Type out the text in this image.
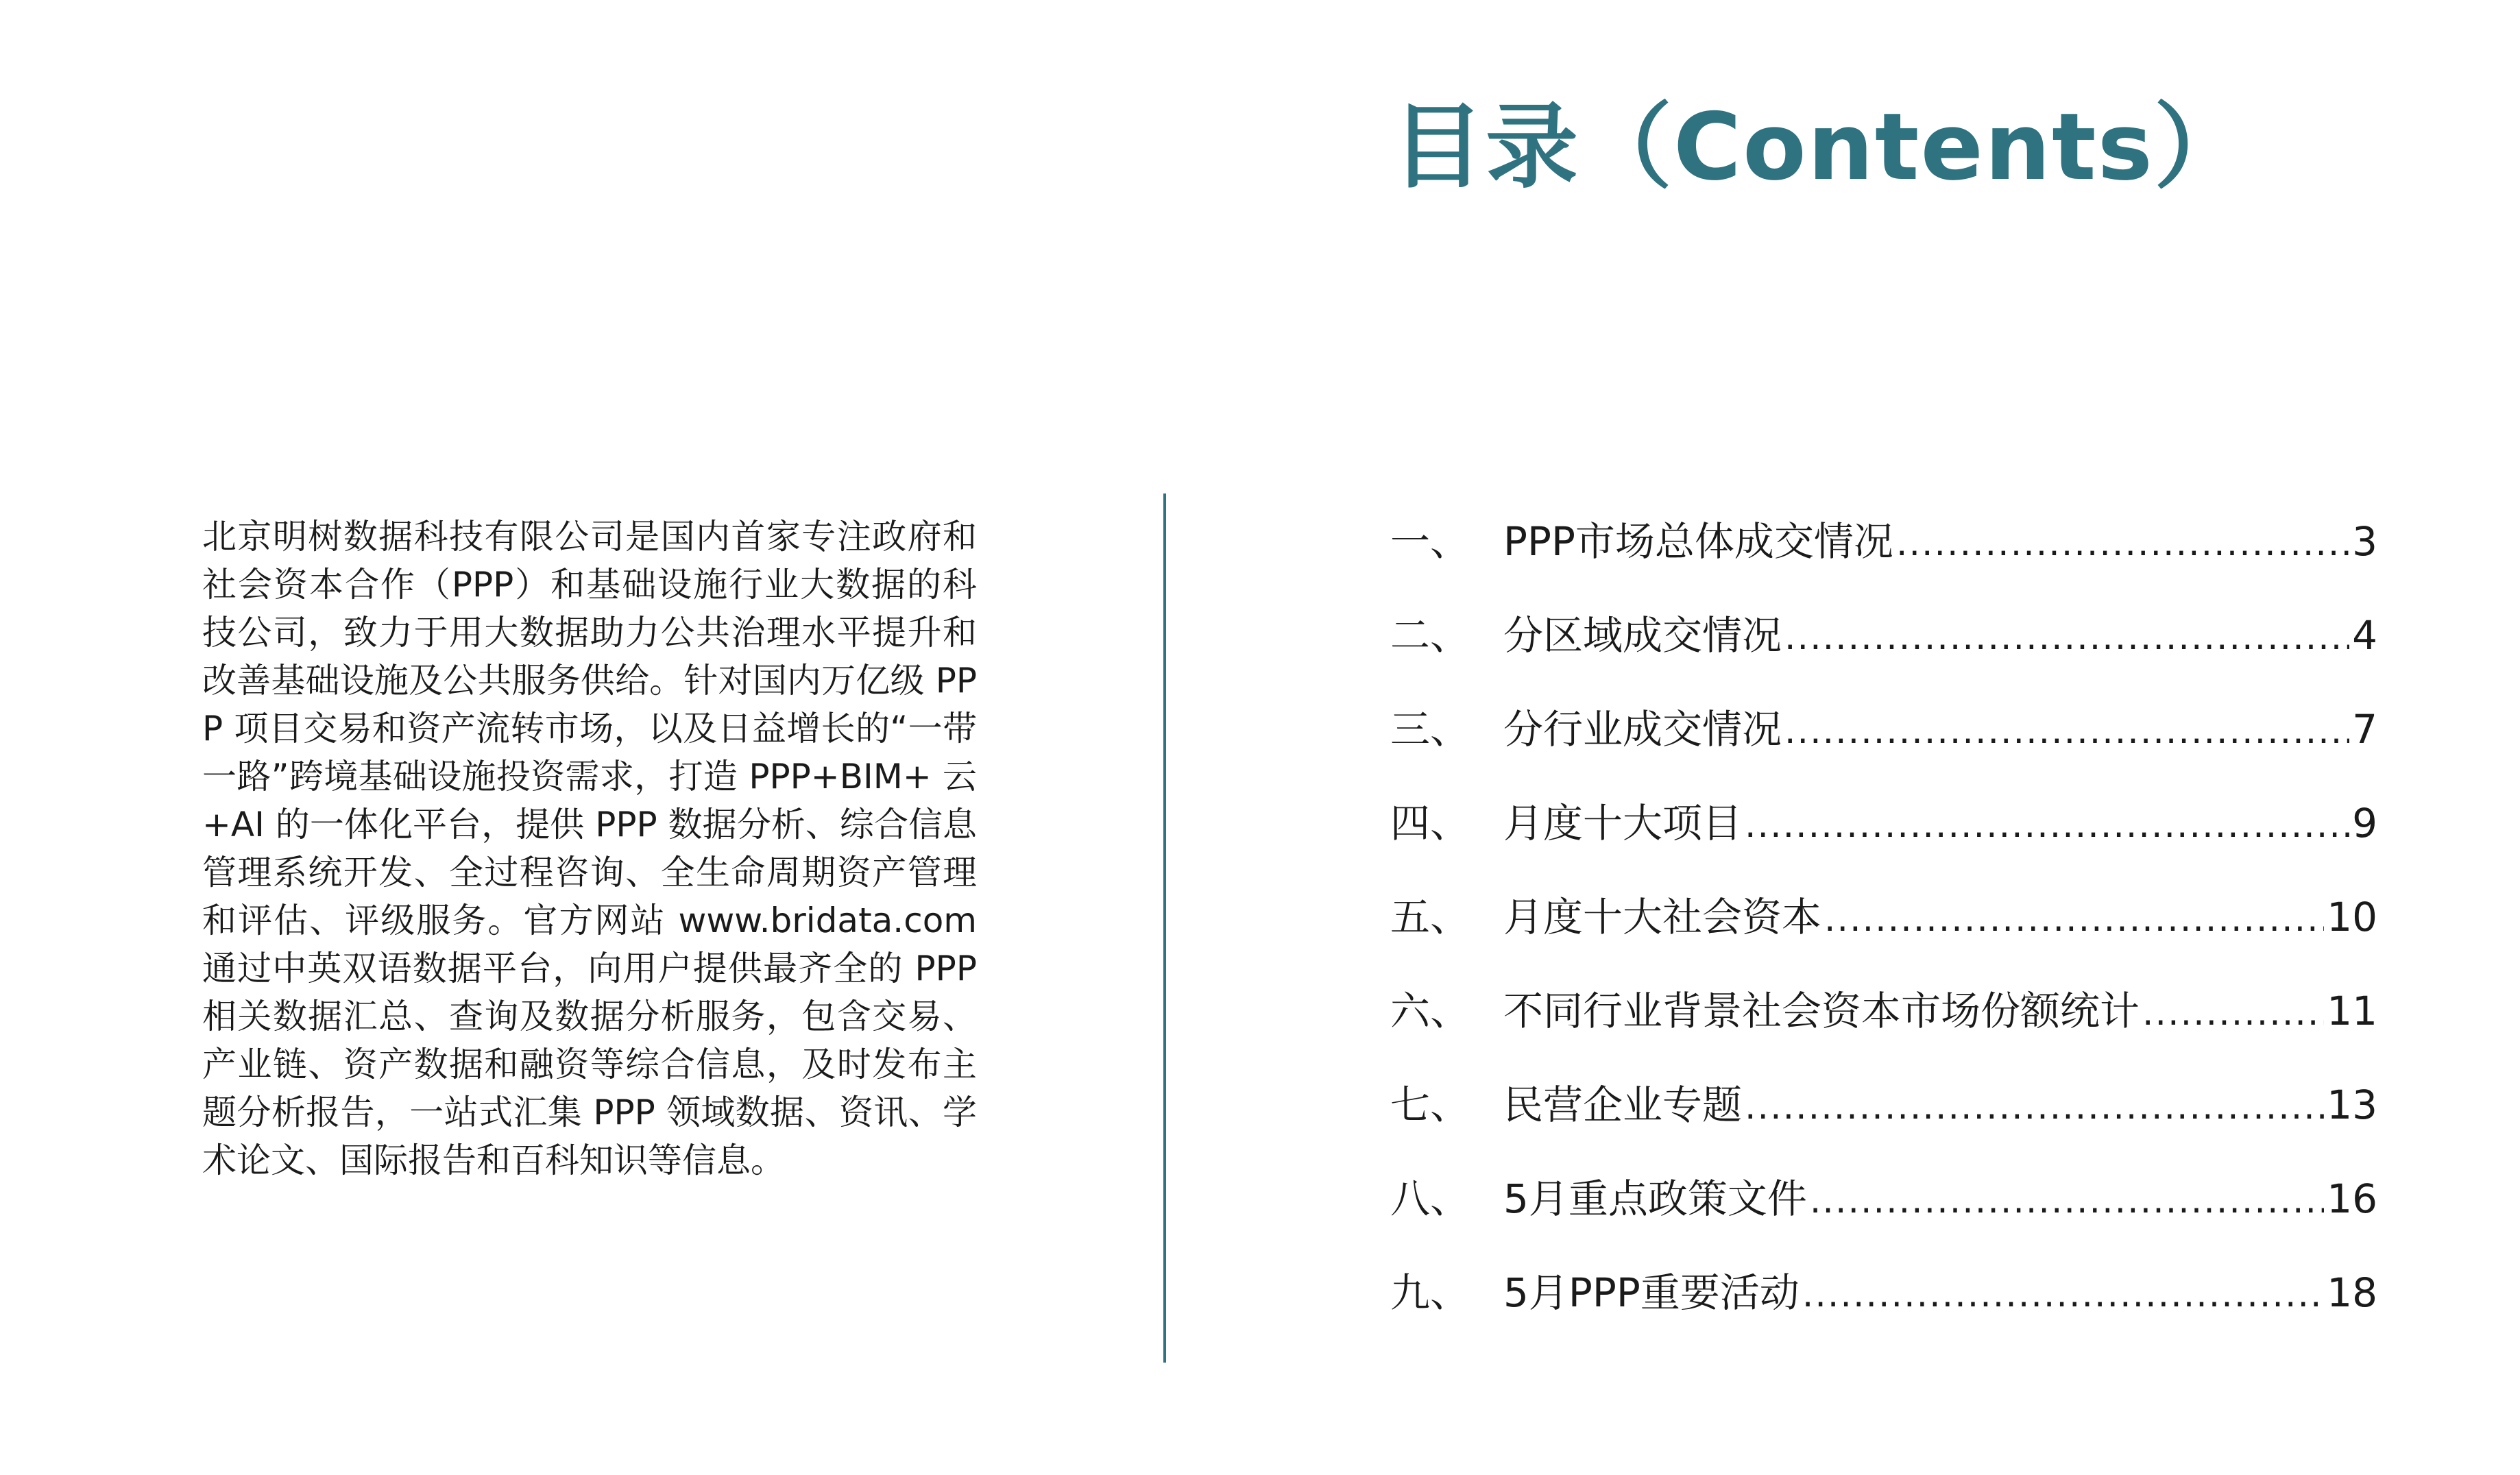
目录（Contents）
北京明树数据科技有限公司是国内首家专注政府和社会资本合作（PPP）和基础设施行业大数据的科技公司，致力于用大数据助力公共治理水平提升和改善基础设施及公共服务供给。针对国内万亿级 PPP 项目交易和资产流转市场，以及日益增长的“一带一路”跨境基础设施投资需求，打造 PPP+BIM+ 云 +AI 的一体化平台，提供 PPP 数据分析、综合信息管理系统开发、全过程咨询、全生命周期资产管理和评估、评级服务。官方网站 www.bridata.com 通过中英双语数据平台，向用户提供最齐全的 PPP 相关数据汇总、查询及数据分析服务，包含交易、产业链、资产数据和融资等综合信息，及时发布主题分析报告，一站式汇集 PPP 领域数据、资讯、学术论文、国际报告和百科知识等信息。
一、 PPP市场总体成交情况 .....	3
二、 分区域成交情况 .....	4
三、 分行业成交情况 .....	7
四、 月度十大项目 .....	9
五、 月度十大社会资本 .....	10
六、 不同行业背景社会资本市场份额统计 .....	11
七、 民营企业专题 .....	13
八、 5月重点政策文件 .....	16
九、 5月PPP重要活动 .....	18
